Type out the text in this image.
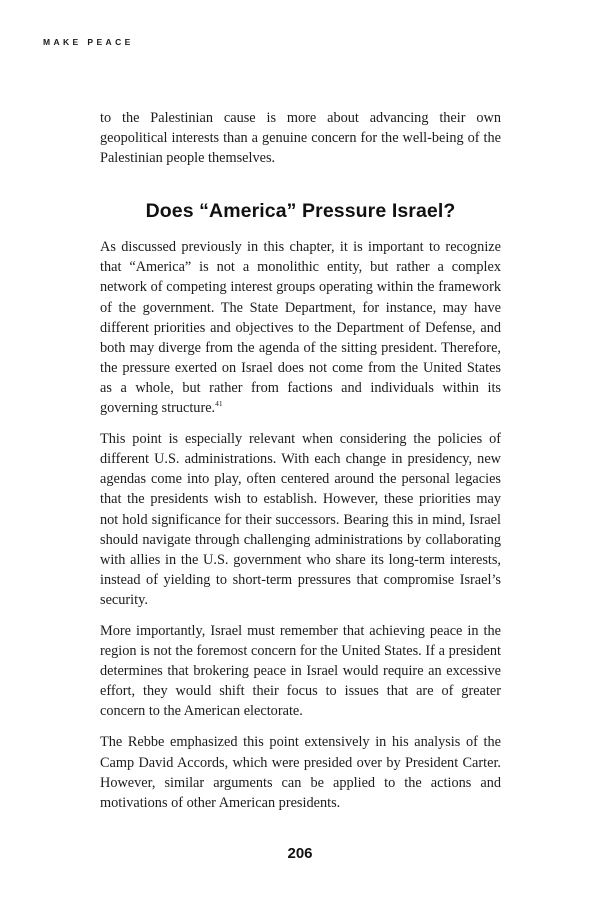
MAKE PEACE

to the Palestinian cause is more about advancing their own geopolitical interests than a genuine concern for the well-being of the Palestinian people themselves.

Does “America” Pressure Israel?

As discussed previously in this chapter, it is important to recognize that “America” is not a monolithic entity, but rather a complex network of competing interest groups operating within the framework of the government. The State Department, for instance, may have different priorities and objectives to the Department of Defense, and both may diverge from the agenda of the sitting president. Therefore, the pressure exerted on Israel does not come from the United States as a whole, but rather from factions and individuals within its governing structure.$^{41}$

This point is especially relevant when considering the policies of different U.S. administrations. With each change in presidency, new agendas come into play, often centered around the personal legacies that the presidents wish to establish. However, these priorities may not hold significance for their successors. Bearing this in mind, Israel should navigate through challenging administrations by collaborating with allies in the U.S. government who share its long-term interests, instead of yielding to short-term pressures that compromise Israel’s security.

More importantly, Israel must remember that achieving peace in the region is not the foremost concern for the United States. If a president determines that brokering peace in Israel would require an excessive effort, they would shift their focus to issues that are of greater concern to the American electorate.

The Rebbe emphasized this point extensively in his analysis of the Camp David Accords, which were presided over by President Carter. However, similar arguments can be applied to the actions and motivations of other American presidents.

206
